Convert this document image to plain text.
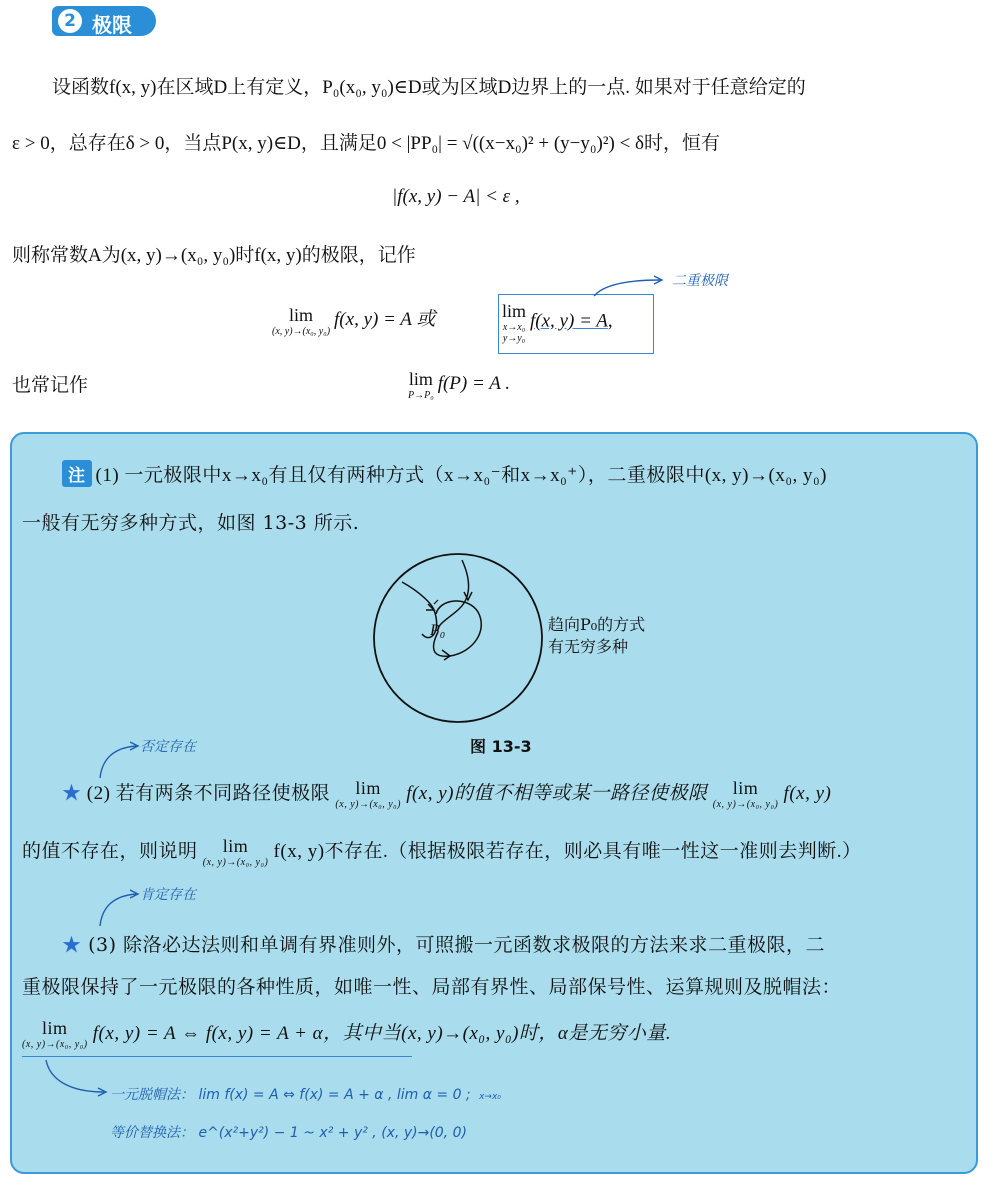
2 极限
设函数f(x, y)在区域D上有定义，P₀(x₀, y₀)∈D或为区域D边界上的一点. 如果对于任意给定的
ε > 0，总存在δ > 0，当点P(x, y)∈D，且满足0 < |PP₀| = √((x−x₀)² + (y−y₀)²) < δ时，恒有
|f(x, y) − A| < ε ,
则称常数A为(x, y)→(x₀, y₀)时f(x, y)的极限，记作
lim
(x, y)→(x₀, y₀)
f(x, y) = A 或	lim
x→x₀
y→y₀
f(x, y) = A,
二重极限
也常记作	lim
P→P₀
f(P) = A .
注 (1) 一元极限中x→x₀有且仅有两种方式（x→x₀⁻和x→x₀⁺），二重极限中(x, y)→(x₀, y₀)
一般有无穷多种方式，如图 13-3 所示.
P₀	趋向P₀的方式
有无穷多种
图 13-3
否定存在
★ (2) 若有两条不同路径使极限	lim
(x, y)→(x₀, y₀)
f(x, y)的值不相等或某一路径使极限	lim
(x, y)→(x₀, y₀)
f(x, y)
的值不存在，则说明	lim
(x, y)→(x₀, y₀)
f(x, y)不存在.（根据极限若存在，则必具有唯一性这一准则去判断.）
肯定存在
★ (3) 除洛必达法则和单调有界准则外，可照搬一元函数求极限的方法来求二重极限，二
重极限保持了一元极限的各种性质，如唯一性、局部有界性、局部保号性、运算规则及脱帽法：
lim
(x, y)→(x₀, y₀)
f(x, y) = A ⇔ f(x, y) = A + α，其中当(x, y)→(x₀, y₀)时，α是无穷小量.
一元脱帽法： lim f(x) = A ⇔ f(x) = A + α , lim α = 0 ; x→x₀
等价替换法： e^(x²+y²) − 1 ~ x² + y² , (x, y)→(0, 0)
